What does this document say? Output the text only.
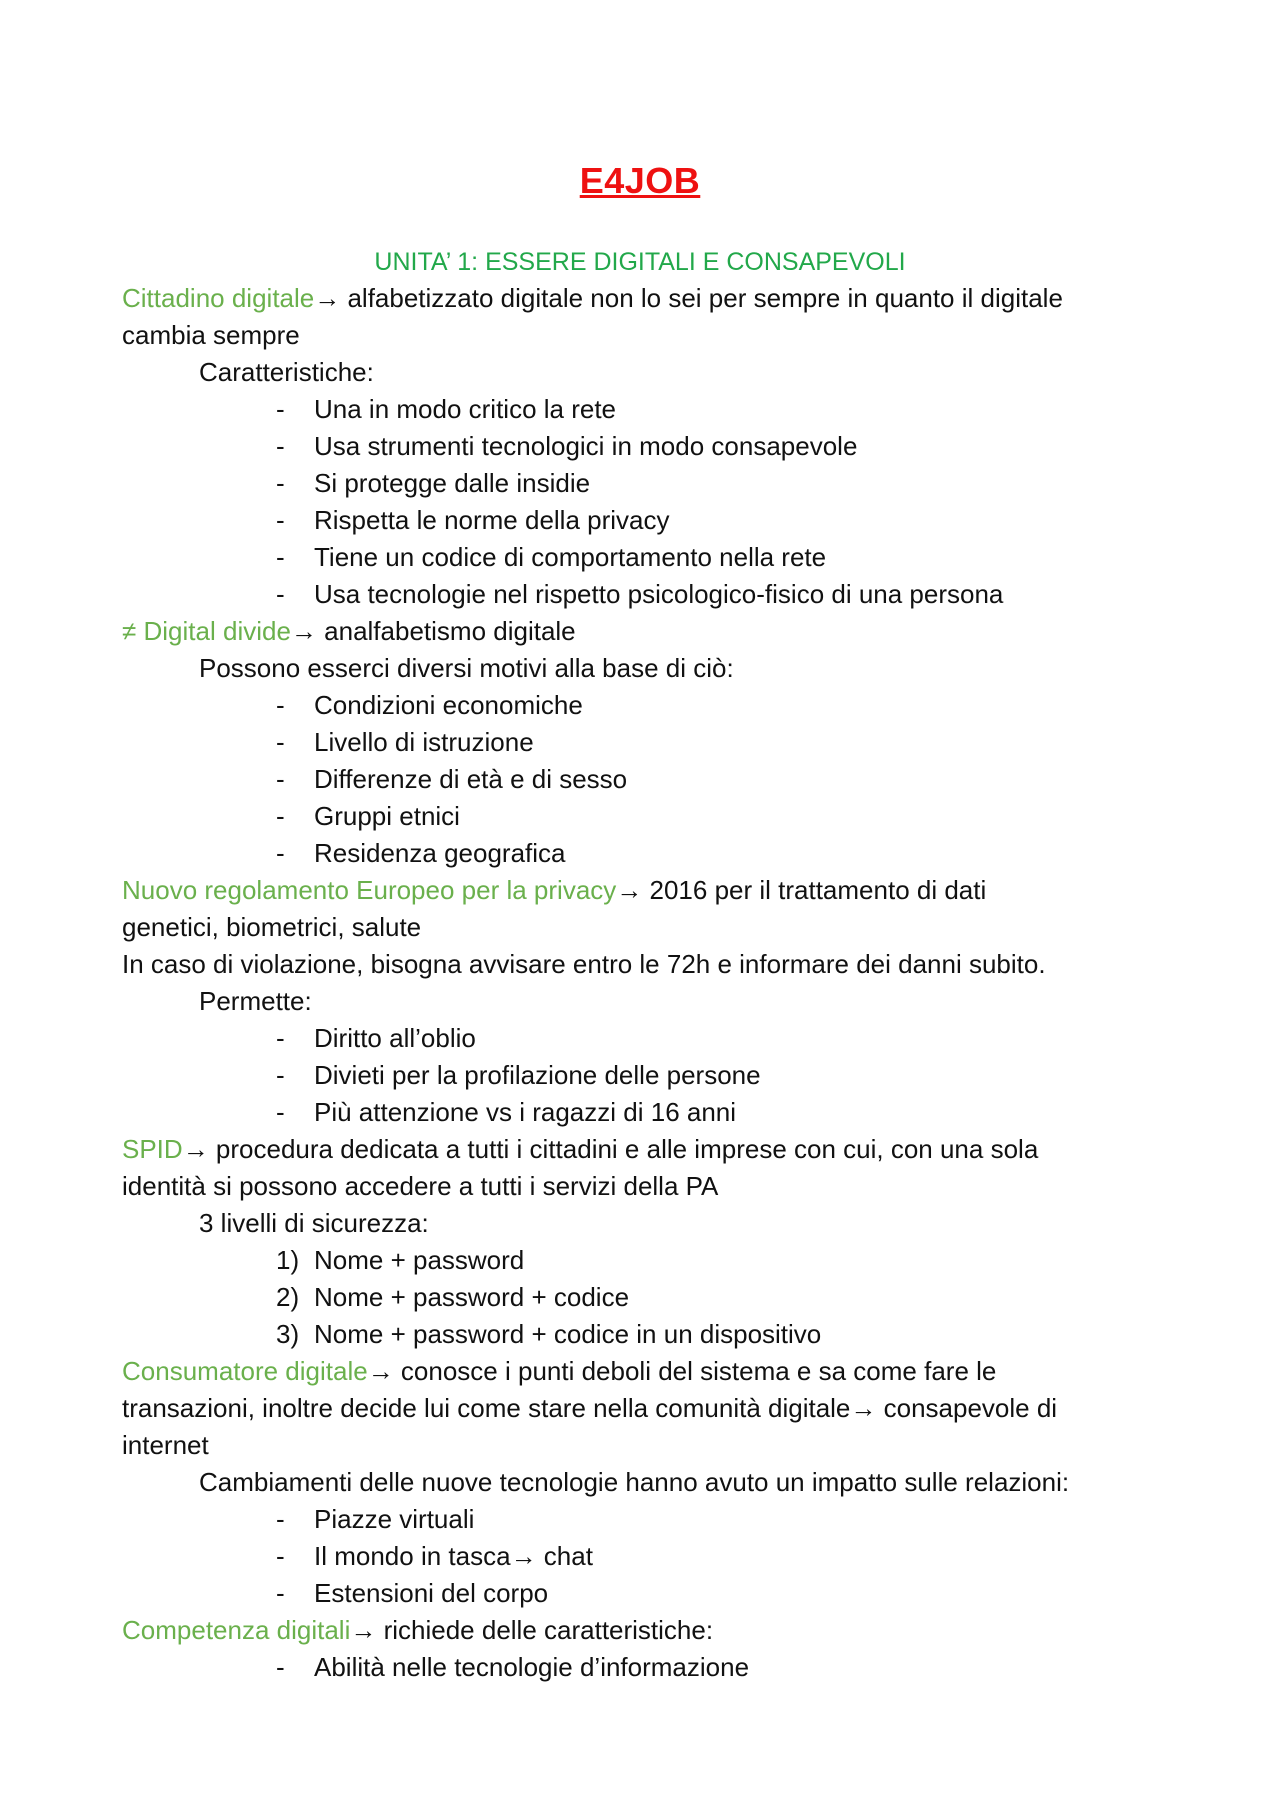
E4JOB
UNITA’ 1: ESSERE DIGITALI E CONSAPEVOLI
Cittadino digitale→ alfabetizzato digitale non lo sei per sempre in quanto il digitale
cambia sempre
Caratteristiche:
- Una in modo critico la rete
- Usa strumenti tecnologici in modo consapevole
- Si protegge dalle insidie
- Rispetta le norme della privacy
- Tiene un codice di comportamento nella rete
- Usa tecnologie nel rispetto psicologico-fisico di una persona
≠ Digital divide→ analfabetismo digitale
Possono esserci diversi motivi alla base di ciò:
- Condizioni economiche
- Livello di istruzione
- Differenze di età e di sesso
- Gruppi etnici
- Residenza geografica
Nuovo regolamento Europeo per la privacy→ 2016 per il trattamento di dati
genetici, biometrici, salute
In caso di violazione, bisogna avvisare entro le 72h e informare dei danni subito.
Permette:
- Diritto all’oblio
- Divieti per la profilazione delle persone
- Più attenzione vs i ragazzi di 16 anni
SPID→ procedura dedicata a tutti i cittadini e alle imprese con cui, con una sola
identità si possono accedere a tutti i servizi della PA
3 livelli di sicurezza:
1) Nome + password
2) Nome + password + codice
3) Nome + password + codice in un dispositivo
Consumatore digitale→ conosce i punti deboli del sistema e sa come fare le
transazioni, inoltre decide lui come stare nella comunità digitale→ consapevole di
internet
Cambiamenti delle nuove tecnologie hanno avuto un impatto sulle relazioni:
- Piazze virtuali
- Il mondo in tasca→ chat
- Estensioni del corpo
Competenza digitali→ richiede delle caratteristiche:
- Abilità nelle tecnologie d’informazione
